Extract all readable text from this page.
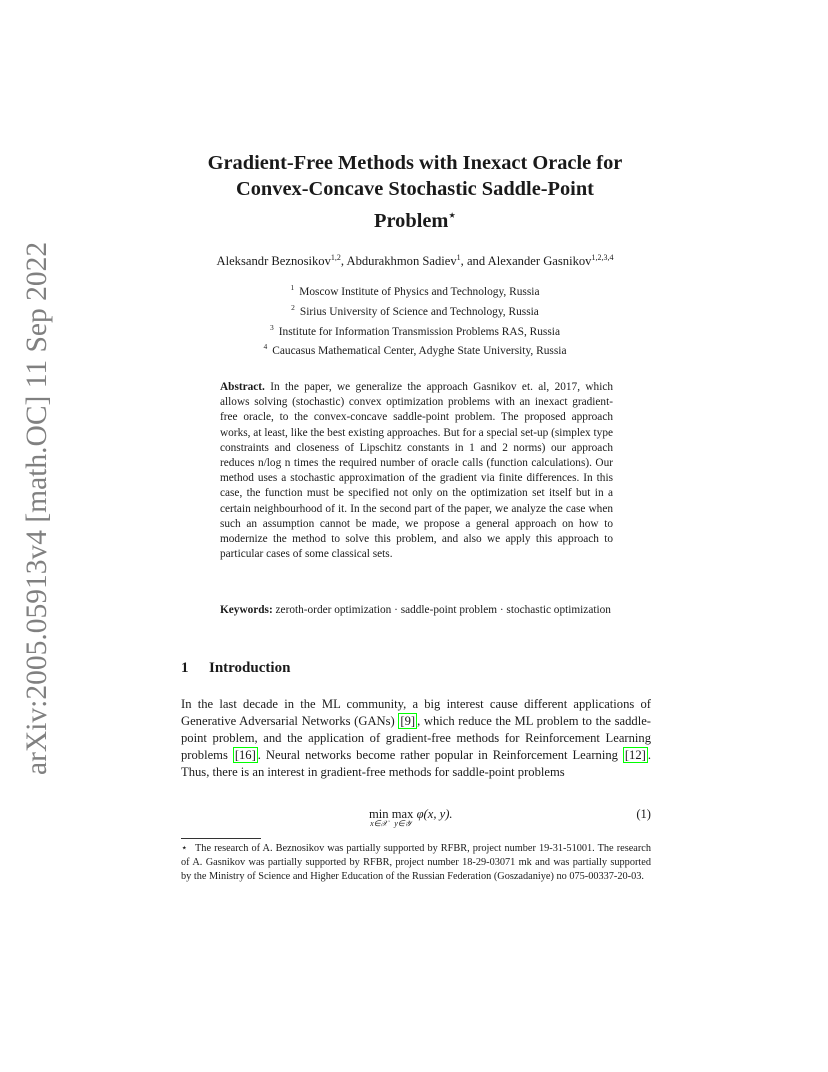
arXiv:2005.05913v4 [math.OC] 11 Sep 2022
Gradient-Free Methods with Inexact Oracle for
Convex-Concave Stochastic Saddle-Point
Problem⋆
Aleksandr Beznosikov$^{1,2}$, Abdurakhmon Sadiev$^1$, and Alexander Gasnikov$^{1,2,3,4}$
$^1$ Moscow Institute of Physics and Technology, Russia
$^2$ Sirius University of Science and Technology, Russia
$^3$ Institute for Information Transmission Problems RAS, Russia
$^4$ Caucasus Mathematical Center, Adyghe State University, Russia
Abstract. In the paper, we generalize the approach Gasnikov et. al, 2017, which allows solving (stochastic) convex optimization problems with an inexact gradient-free oracle, to the convex-concave saddle-point problem. The proposed approach works, at least, like the best existing approaches. But for a special set-up (simplex type constraints and closeness of Lipschitz constants in 1 and 2 norms) our approach reduces n/log n times the required number of oracle calls (function calculations). Our method uses a stochastic approximation of the gradient via finite differences. In this case, the function must be specified not only on the optimization set itself but in a certain neighbourhood of it. In the second part of the paper, we analyze the case when such an assumption cannot be made, we propose a general approach on how to modernize the method to solve this problem, and also we apply this approach to particular cases of some classical sets.
Keywords: zeroth-order optimization · saddle-point problem · stochastic optimization
1 Introduction
In the last decade in the ML community, a big interest cause different applications of Generative Adversarial Networks (GANs) [9] , which reduce the ML problem to the saddle-point problem, and the application of gradient-free methods for Reinforcement Learning problems [16] . Neural networks become rather popular in Reinforcement Learning [12] . Thus, there is an interest in gradient-free methods for saddle-point problems
min
x∈𝒳
max
y∈𝒴
φ(x, y).	(1)
⋆ The research of A. Beznosikov was partially supported by RFBR, project number 19-31-51001. The research of A. Gasnikov was partially supported by RFBR, project number 18-29-03071 mk and was partially supported by the Ministry of Science and Higher Education of the Russian Federation (Goszadaniye) no 075-00337-20-03.
